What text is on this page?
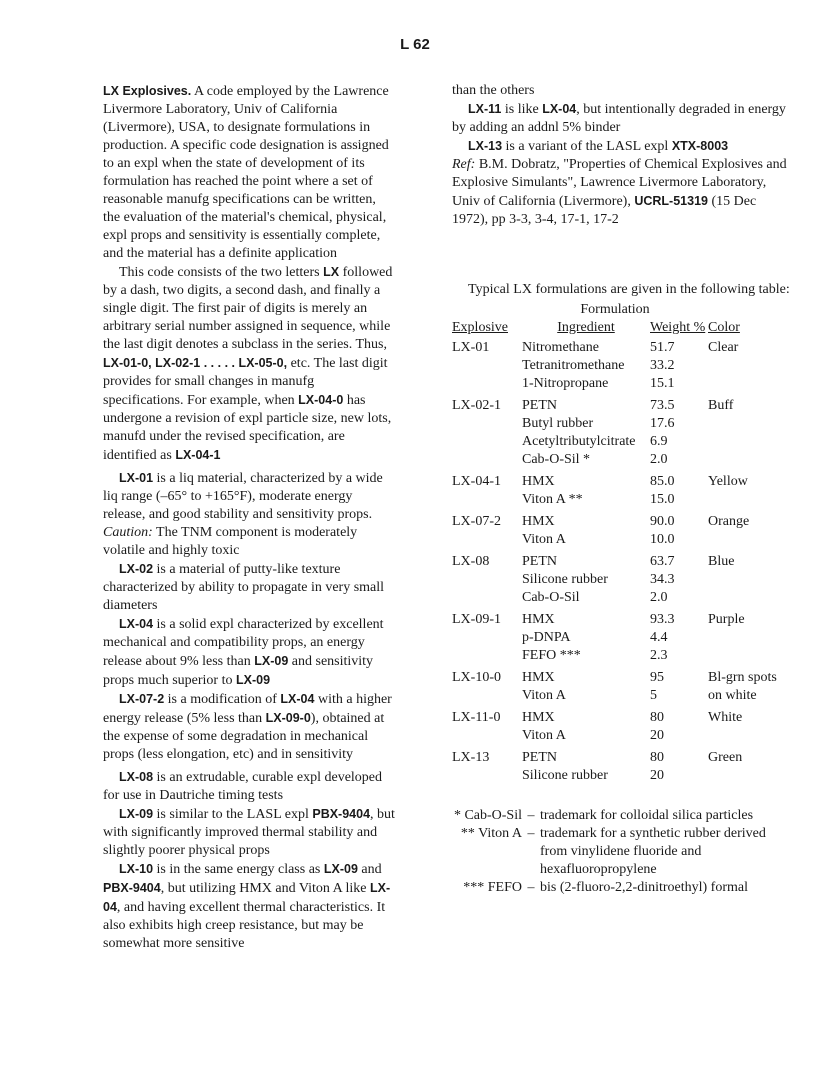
L 62

LX Explosives. A code employed by the Lawrence Livermore Laboratory, Univ of California (Livermore), USA, to designate formulations in production. A specific code designation is assigned to an expl when the state of development of its formulation has reached the point where a set of reasonable manufg specifications can be written, the evaluation of the material's chemical, physical, expl props and sensitivity is essentially complete, and the material has a definite application

This code consists of the two letters LX followed by a dash, two digits, a second dash, and finally a single digit. The first pair of digits is merely an arbitrary serial number assigned in sequence, while the last digit denotes a subclass in the series. Thus, LX-01-0, LX-02-1 . . . . . LX-05-0, etc. The last digit provides for small changes in manufg specifications. For example, when LX-04-0 has undergone a revision of expl particle size, new lots, manufd under the revised specification, are identified as LX-04-1

LX-01 is a liq material, characterized by a wide liq range (–65° to +165°F), moderate energy release, and good stability and sensitivity props. Caution: The TNM component is moderately volatile and highly toxic

LX-02 is a material of putty-like texture characterized by ability to propagate in very small diameters

LX-04 is a solid expl characterized by excellent mechanical and compatibility props, an energy release about 9% less than LX-09 and sensitivity props much superior to LX-09

LX-07-2 is a modification of LX-04 with a higher energy release (5% less than LX-09-0), obtained at the expense of some degradation in mechanical props (less elongation, etc) and in sensitivity

LX-08 is an extrudable, curable expl developed for use in Dautriche timing tests

LX-09 is similar to the LASL expl PBX-9404, but with significantly improved thermal stability and slightly poorer physical props

LX-10 is in the same energy class as LX-09 and PBX-9404, but utilizing HMX and Viton A like LX-04, and having excellent thermal characteristics. It also exhibits high creep resistance, but may be somewhat more sensitive

than the others

LX-11 is like LX-04, but intentionally degraded in energy by adding an addnl 5% binder

LX-13 is a variant of the LASL expl XTX-8003

Ref: B.M. Dobratz, "Properties of Chemical Explosives and Explosive Simulants", Lawrence Livermore Laboratory, Univ of California (Livermore), UCRL-51319 (15 Dec 1972), pp 3-3, 3-4, 17-1, 17-2

Typical LX formulations are given in the following table:

	Formulation		
Explosive	Ingredient	Weight %	Color
LX-01	Nitromethane	51.7	Clear
	Tetranitromethane	33.2	
	1-Nitropropane	15.1	
LX-02-1	PETN	73.5	Buff
	Butyl rubber	17.6	
	Acetyltributylcitrate	6.9	
	Cab-O-Sil *	2.0	
LX-04-1	HMX	85.0	Yellow
	Viton A **	15.0	
LX-07-2	HMX	90.0	Orange
	Viton A	10.0	
LX-08	PETN	63.7	Blue
	Silicone rubber	34.3	
	Cab-O-Sil	2.0	
LX-09-1	HMX	93.3	Purple
	p-DNPA	4.4	
	FEFO ***	2.3	
LX-10-0	HMX	95	Bl-grn spots
	Viton A	5	on white
LX-11-0	HMX	80	White
	Viton A	20	
LX-13	PETN	80	Green
	Silicone rubber	20	
* Cab-O-Sil – trademark for colloidal silica particles
** Viton A – trademark for a synthetic rubber derived from vinylidene fluoride and hexafluoropropylene
*** FEFO – bis (2-fluoro-2,2-dinitroethyl) formal
